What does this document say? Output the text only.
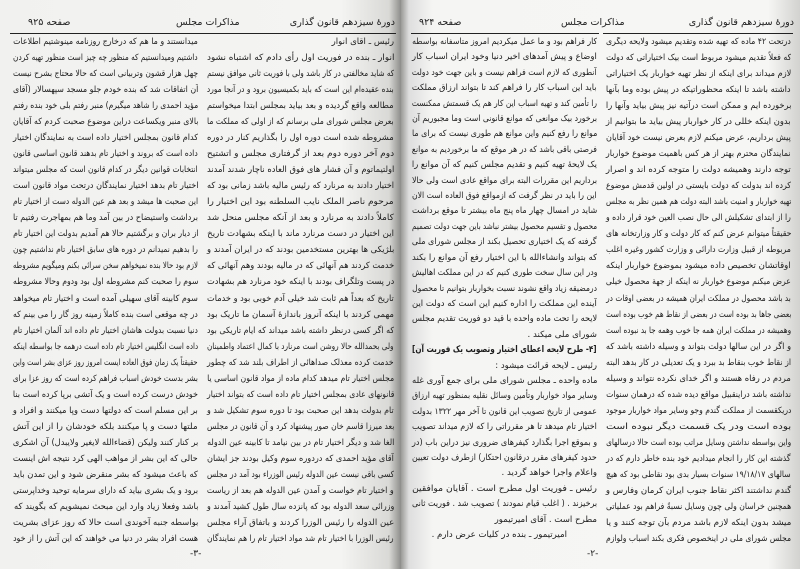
دورهٔ سیزدهم قانون گذاری
مذاکرات مجلس
صفحه ۹۲۵
رئیس ـ آقای انوار
انوار ـ بنده در فوریت اول رأی دادم که اشتباه نشود
که شاید مخالفتی در کار باشد ولی با فوریت ثانی موافق نیستم
بنده عقیده‌ام این است که باید بکمیسیون برود و در آنجا مورد
مطالعه واقع گردیده و بعد بیاید بمجلس ابتدا میخواستم
بعرض مجلس شورای ملی برسانم که از اولی که مملکت ما
مشروطه شده است دوره اول را بگذاریم کنار در دوره
دوم آخر دوره دوم بعد از گرفتاری مجلس و اتشتیح
اولتیماتوم و آن فشار های فوق العاده ناچار شدند آمدند
اختیار دادند به مرنارد که رئیس مالیه باشد زمانی بود که
مرحوم ناصر الملک نایب السلطنه بود این اختیار را
کاملاً دادند به مرنارد و بعد از آنکه مجلس منحل شد
این اختیار در دست مرنارد ماند با اینکه بشهادت تاریخ
بلژیکی ها بهترین مستخدمین بودند که در ایران آمدند و
خدمت کردند هم آنهائی که در مالیه بودند وهم آنهائی که
در پست وتلگراف بودند با اینکه خود مرنارد هم بشهادت
تاریخ که بعداً هم ثابت شد خیلی آدم خوبی بود و خدمات
مهمی کردند با اینکه آنروز باندازهٔ آسمان ما تاریک بود
که اگر کسی درنظر داشته باشد میداند که ایام تاریکی بود
ولی بحمدالله حالا روشن است مرنارد با کمال اعتماد واطمینان
خدمت کرده معذلک صداهائی از اطراف بلند شد که چطور
مجلس اختیار تام میدهد کدام ماده از مواد قانون اساسی یا
قانونهای عادی بمجلس اختیار تام داده است که بتواند اختیار
تام بدولت بدهد این صحبت بود تا دوره سوم تشکیل شد و
بعد میرزا قاسم خان صور پیشنهاد کرد و آن قانون در مجلس
الغا شد و دیگر اختیار تام در بین نیامد تا کابینه عین الدوله
آقای مؤید احمدی که دردوره سوم وکیل بودند جز ایشان
کسی باقی نیست عین الدوله رئیس الوزراء بود آمد در مجلس
و اختیار تام خواست و آمدن عین الدوله هم بعد از ریاست
وزرائی سعد الدوله بود که پانزده سال طول کشید آمدند و
عین الدوله را رئیس الوزرا کردند و باتفاق آراء مجلس
رئیس الوزرا با اختیار تام شد مواد اختیار تام را هم نمایندگان
میدانستند و ما هم که درخارج روزنامه مینوشتیم اطلاعات
داشتیم ومیدانستیم که منظور چه چیز است منظور تهیه کردن
چهل هزار قشون وتربیانی است که حالا محتاج بشرح نیست
آن اتفاقات شد که بنده خودم جلو مسجد سپهسالار (آقای
مؤید احمدی را شاهد میگیرم) منبر رفتم بلی خود بنده رفتم
بالای منبر ویکساعت دراین موضوع صحبت کردم که آقایان
کدام قانون بمجلس اختیار داده است به نمایندگان اختیار
داده است که بروند و اختیار تام بدهند قانون اساسی قانون
انتخابات قوانین دیگر در کدام قانون است که مجلس میتواند
اختیار تام بدهد اختیار نمایندگان درتحت مواد قانون است
این صحبت ها میشد و بعد هم عین الدوله دست از اختیار تام
برداشت واستیضاح در بین آمد وما هم بمهاجرت رفتیم تا
از دیار بران و برگشتیم حالا هم آمدیم بدولت این اختیار تام
را بدهیم نمیدانم در دوره های سابق اختیار تام نداشتیم چون
لازم بود حالا بنده نمیخواهم سخن سرائی بکنم ومیگویم مشروطه
سوم را صحبت کنم مشروطه اول بود ودوم وحالا مشروطه
سوم کابینه آقای سهیلی آمده است و اختیار تام میخواهد
در چه موقعی است بنده کاملاً زمینه روز گار را می بینم که
دنیا نسبت بدولت هاشان اختیار تام داده اند آلمان اختیار تام
داده است انگلیس اختیار تام داده است درهمه جا بواسطه اینکه
حقیقتاً یک زمان فوق العاده ایست امروز روز عزای بشر است واین
بشر بدست خودش اسباب فراهم کرده است که روز عزا برای
خودش درست کرده است و یک آتشی برپا کرده است بنا
بر این مسلم است که دولتها دست وپا میکنند و افراد و
ملتها دست و پا میکنند بلکه خودشان را از این آتش
بر کنار کنند ولیکن (قضاءالله لایغیر ولایبدل) آن اشکری
حالی که این بشر از مواهب الهی کرد نتیجه اش اینست
که باعث میشود که بشر منقرض شود و این تمدن باید
برود و یک بشری بیاید که دارای سرمایه توحید وخداپرستی
باشد وفعلا زیاد وارد این مبحث نمیشویم که بگویند که
بواسطه جنبه آخوندی است حالا که روز عزای بشریت
هست افراد بشر در دنیا می خواهند که این آتش را از خود
-۳-
دورهٔ سیزدهم قانون گذاری
مذاکرات مجلس
صفحه ۹۲۴
درتحت ۴۲ ماده که تهیه شده وتقدیم میشود ولایحه دیگری
که فعلاً تقدیم میشود مربوط است بیک اختیاراتی که دولت
لازم میداند برای اینکه از نظر تهیه خواربار یک اختیاراتی
داشته باشد تا اینکه محظوراتیکه در پیش بوده وما بآنها
برخورده ایم و ممکن است درآتیه نیز پیش بیاید وآنها را
بدون اینکه خللی در کار خواربار پیش بیاید ما بتوانیم از
پیش برداریم، عرض میکنم لازم بعرض نیست خود آقایان
نمایندگان محترم بهتر از هر کس باهمیت موضوع خواربار
توجه دارند وهمیشه دولت را متوجه کرده اند و اصرار
کرده اند بدولت که دولت بایستی در اولین قدمش موضوع
تهیه خواربار و امنیت باشد البته دولت هم همین نظر به مجلس
را از ابتدای تشکیلش الی حال نصب العین خود قرار داده و
حقیقتاً میتوانم عرض کنم که کار دولت و کار وزارتخانه های
مربوطه از قبیل وزارت دارائی و وزارت کشور وغیره اغلب
اوقاتشان تخصیص داده میشود بموضوع خواربار اینکه
عرض میکنم موضوع خواربار نه اینکه از جهة محصول خیلی
بد باشد محصول در مملکت ایران همیشه در بعضی اوقات در
بعضی جاها بد بوده است در بعضی از نقاط هم خوب بوده است
وهمیشه در مملکت ایران همه جا خوب وهمه جا بد نبوده است
و اگر در این سالها دولت بتواند و وسیله داشته باشد که
از نقاط خوب بنقاط بد ببرد و یک تعدیلی در کار بدهد البته
مردم در رفاه هستند و اگر خدای نکرده نتواند و وسیله
نداشته باشد دراینقبیل مواقع دیده شده که درهمان سنوات
دریکقسمت از مملکت گندم وجو وسایر مواد خواربار موجود
بوده است ودر یک قسمت دیگر نبوده است
واین بواسطه نداشتن وسایل مراتب بوده است حالا درسالهای
گذشته این کار را انجام میدادیم خود بنده خاطر دارم که در
سالهای ۱۹/۱۸/۱۷ سنوات بسیار بدی بود نقاطی بود که هیچ
گندم نداشتند اکثر نقاط جنوب ایران کرمان وفارس و
همچنین خراسان ولی چون وسایل نسبةً فراهم بود عملیاتی
میشد بدون اینکه لازم باشد مردم بآن توجه کنند و یا
مجلس شورای ملی در اینخصوص فکری بکند اسباب ولوازم
کار فراهم بود و ما عمل میکردیم امروز متأسفانه بواسطه
اوضاع و پیش آمدهای اخیر دنیا وخود ایران اسباب کار
آنطوری که لازم است فراهم نیست و باین جهت خود دولت
باید این اسباب کار را فراهم کند تا بتواند ارزاق مملکت
را تأمین کند و تهیه اسباب این کار هم یک قسمتش ممکنست
برخورد بیک موانعی که موانع قانونی است وما مجبوریم آن
موانع را رفع کنیم واین موانع هم طوری نیست که برای ما
فرصتی باقی باشد که در هر موقع که ما برخوردیم به موانع
یک لایحهٔ تهیه کنیم و تقدیم مجلس کنیم که آن موانع را
برداریم این مقررات البته برای مواقع عادی است ولی حالا
این را باید در نظر گرفت که ازمواقع فوق العاده است الان
شاید در امسال چهار ماه پنج ماه بیشتر تا موقع برداشت
محصول و تقسیم محصول بیشتر نباشد باین جهت دولت تصمیم
گرفته که یک اختیاری تحصیل بکند از مجلس شورای ملی
که بتواند وانشاءالله با این اختیار رفع آن موانع را بکند
ودر این سال سخت طوری کنیم که در این مملکت اهالیش
درمضیقه زیاد واقع نشوند نسبت بخواربار بتوانیم تا محصول
آینده این مملکت را اداره کنیم این است که دولت این
لایحه را تحت ماده واحده با قید دو فوریت تقدیم مجلس
شورای ملی میکند .
[۴- طرح لایحه اعطای اختیار وتصویب یک فوریت آن]
رئیس ـ لایحه قرائت میشود :
ماده واحده ـ مجلس شورای ملی برای جمع آوری غله
وسایر مواد خواربار وتأمین وسائل نقلیه بمنظور تهیه ارزاق
عمومی از تاریخ تصویب این قانون تا آخر مهر ۱۳۲۲ بدولت
اختیار تام میدهد تا هر مقرراتی را که لازم میداند تصویب
و بموقع اجرا بگذارد کیفرهای ضروری نیز دراین باب (در
حدود کیفرهای مقرر درقانون احتکار) ازطرف دولت تعیین
واعلام واجرا خواهد گردید .
رئیس ـ فوریت اول مطرح است . آقایان موافقین
برخیزند . ( اغلب قیام نمودند ) تصویب شد . فوریت ثانی
مطرح است . آقای امیرتیمور
امیرتیمور ـ بنده در کلیات عرض دارم .
-۲-
